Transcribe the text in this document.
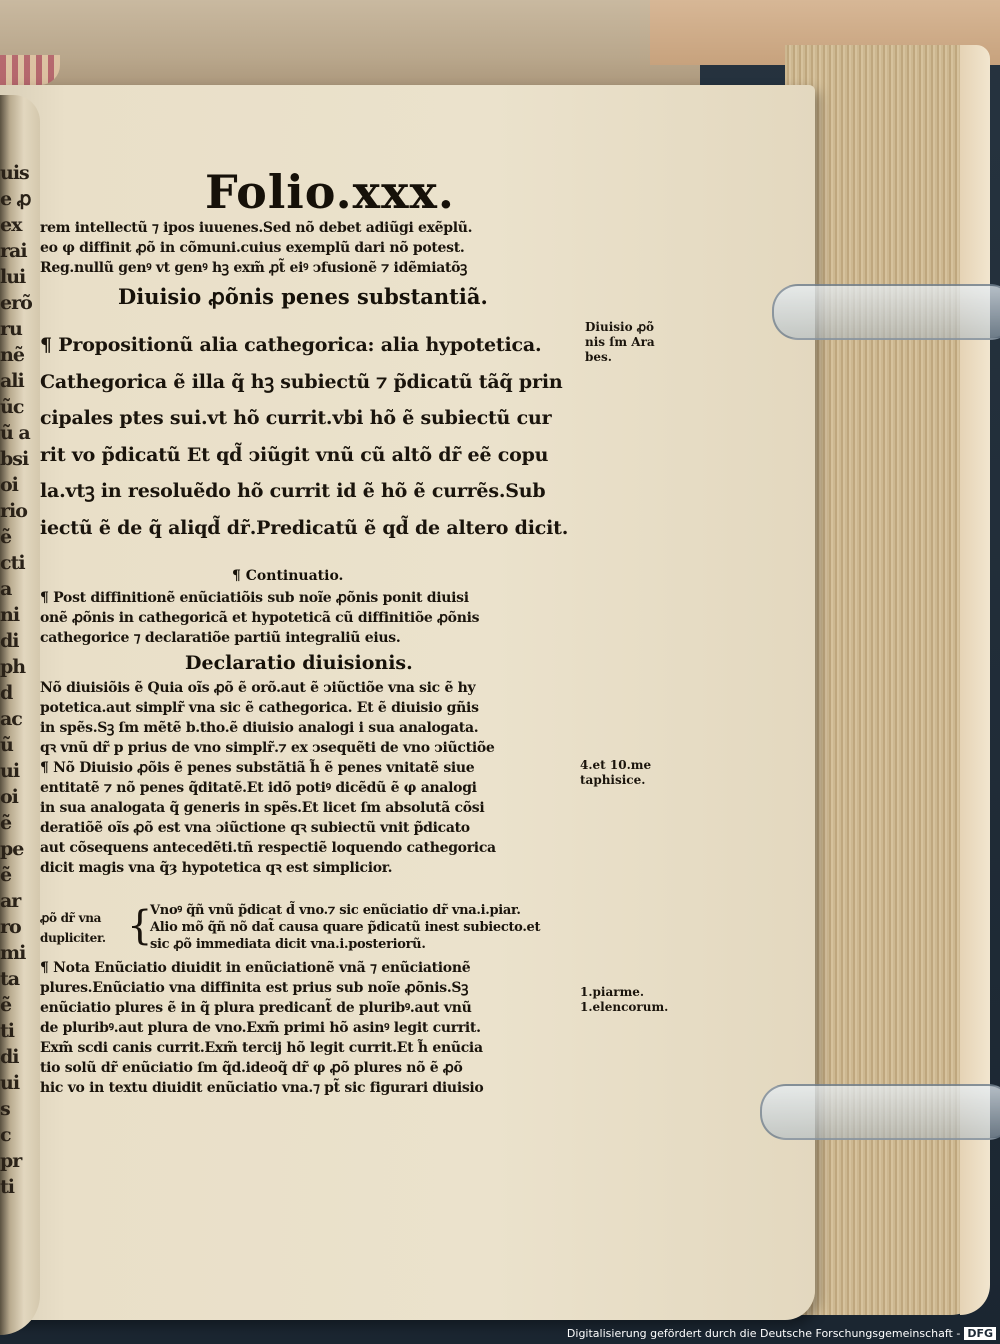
uis
e ꝓ
ex
rai
lui
erõ
ru
nẽ
ali
ũc
ũ a
bsi
oi
rio
ẽ
cti
a
ni
di
ph
d
ac
ũ
ui
oi
ẽ
pe
ẽ
ar
ro
mi
ta
ẽ
ti
di
ui
s
c
pr
ti
Folio.xxx.
rem intellectũ ⁊ ipos iuuenes.Sed nõ debet adiũgi exẽplũ.
eo φ diffinit ꝓõ in cõmuni.cuius exemplũ dari nõ potest.
Reg.nullũ genꝰ vt genꝰ hꝫ exm̃ ꝓt̃ eiꝰ ↄfusionẽ ⁊ idẽmiatõꝫ

Diuisio ꝓõnis penes substantiã.

¶ Propositionũ alia cathegorica: alia hypotetica.
Cathegorica ẽ illa q̃ hꝫ subiectũ ⁊ p̃dicatũ tãq̃ prin
cipales ptes sui.vt hõ currit.vbi hõ ẽ subiectũ cur
rit vo p̃dicatũ Et qd̃ ↄiũgit vnũ cũ altõ dr̃ eẽ copu
la.vtꝫ in resoluẽdo hõ currit id ẽ hõ ẽ currẽs.Sub
iectũ ẽ de q̃ aliqd̃ dr̃.Predicatũ ẽ qd̃ de altero dicit.

¶ Continuatio.

¶ Post diffinitionẽ enũciatiõis sub noĩe ꝓõnis ponit diuisi
onẽ ꝓõnis in cathegoricã et hypoteticã cũ diffinitiõe ꝓõnis
cathegorice ⁊ declaratiõe partiũ integraliũ eius.

Declaratio diuisionis.

Nõ diuisiõis ẽ Quia oĩs ꝓõ ẽ orõ.aut ẽ ↄiũctiõe vna sic ẽ hy
potetica.aut simplr̃ vna sic ẽ cathegorica. Et ẽ diuisio gñis
in spẽs.Sꝫ ſm mẽtẽ b.tho.ẽ diuisio analogi i sua analogata.
qꝛ vnũ dr̃ p prius de vno simplr̃.⁊ ex ↄsequẽti de vno ↄiũctiõe
¶ Nõ Diuisio ꝓõis ẽ penes substãtiã h̃ ẽ penes vnitatẽ siue
entitatẽ ⁊ nõ penes q̃ditatẽ.Et idõ potiꝰ dicẽdũ ẽ φ analogi
in sua analogata q̃ generis in spẽs.Et licet ſm absolutã cõsi
deratiõẽ oĩs ꝓõ est vna ↄiũctione qꝛ subiectũ vnit p̃dicato
aut cõsequens antecedẽti.tñ respectiẽ loquendo cathegorica
dicit magis vna q̃ȝ hypotetica qꝛ est simplicior.
ꝓõ dr̃ vna
dupliciter. {
Vnoꝰ q̃ñ vnũ p̃dicat d̃ vno.⁊ sic enũciatio dr̃ vna.i.piar.
Alio mõ q̃ñ nõ dat̃ causa quare p̃dicatũ inest subiecto.et
sic ꝓõ immediata dicit vna.i.posteriorũ.
¶ Nota Enũciatio diuidit in enũciationẽ vnã ⁊ enũciationẽ
plures.Enũciatio vna diffinita est prius sub noĩe ꝓõnis.Sꝫ
enũciatio plures ẽ in q̃ plura predicant̃ de pluribꝰ.aut vnũ
de pluribꝰ.aut plura de vno.Exm̃ primi hõ asinꝰ legit currit.
Exm̃ scdi canis currit.Exm̃ tercij hõ legit currit.Et h̃ enũcia
tio solũ dr̃ enũciatio ſm q̃d.ideoq̃ dr̃ φ ꝓõ plures nõ ẽ ꝓõ
hic vo in textu diuidit enũciatio vna.⁊ pt̃ sic figurari diuisio
Diuisio ꝓõ
nis ſm Ara
bes.
4.et 10.me
taphisice.
1.piarme.
1.elencorum.
Digitalisierung gefördert durch die Deutsche Forschungsgemeinschaft - DFG
